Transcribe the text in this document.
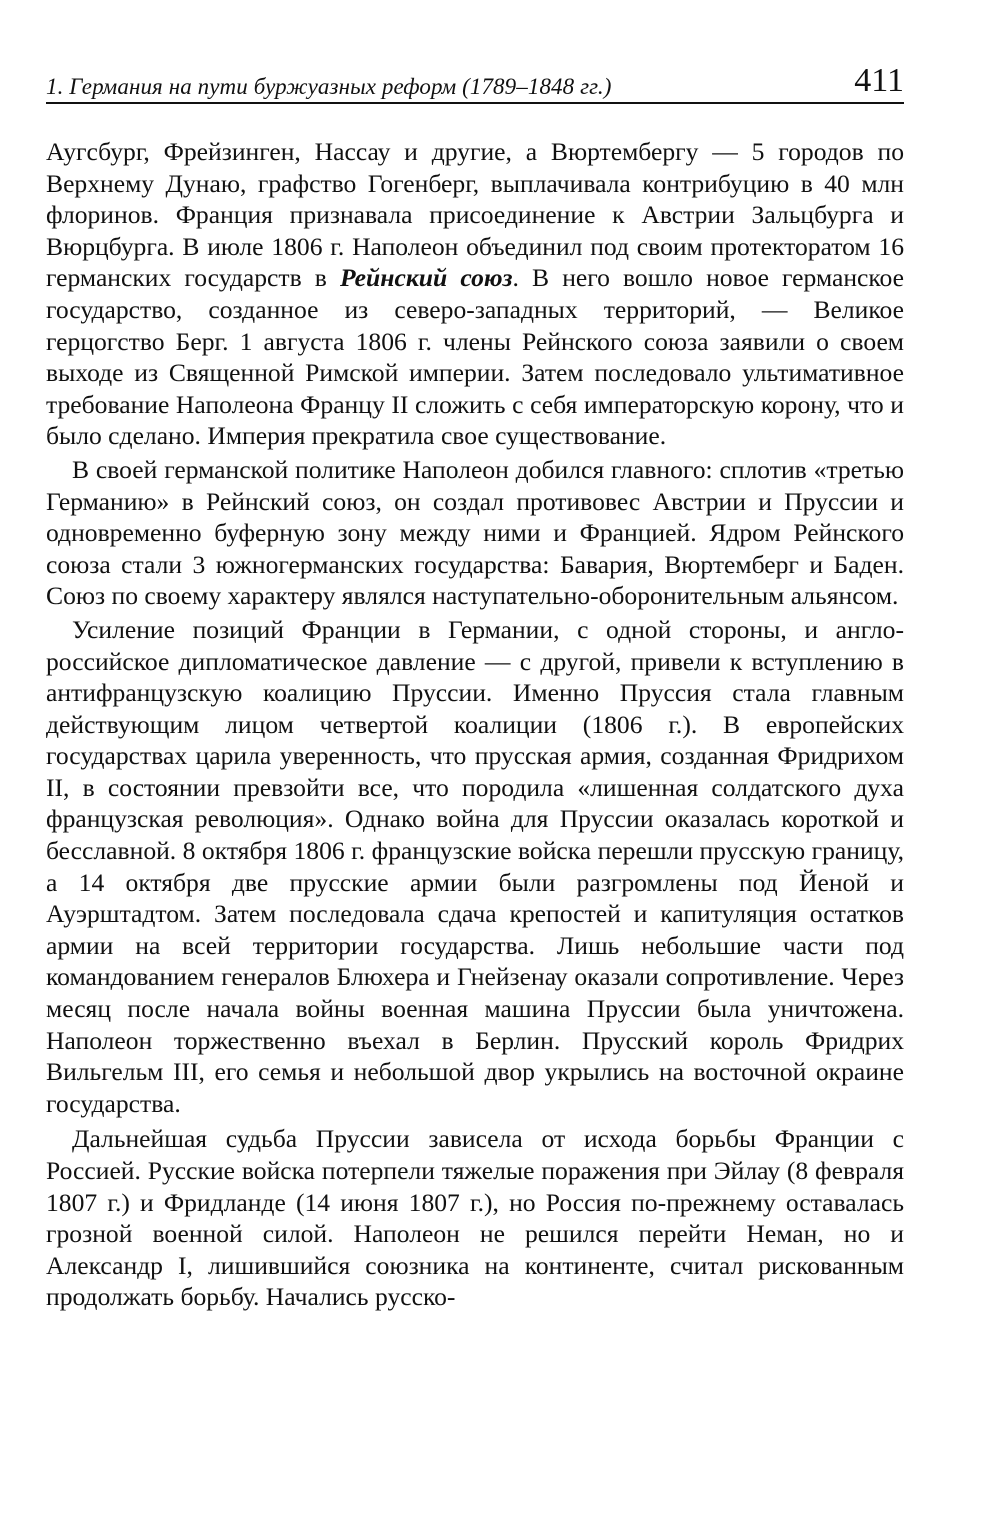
1. Германия на пути буржуазных реформ (1789–1848 гг.)	411

Аугсбург, Фрейзинген, Нассау и другие, а Вюртембергу — 5 городов по Верхнему Дунаю, графство Гогенберг, выплачивала контрибуцию в 40 млн флоринов. Франция признавала присоединение к Австрии Зальцбурга и Вюрцбурга. В июле 1806 г. Наполеон объединил под своим протекторатом 16 германских государств в Рейнский союз. В него вошло новое германское государство, созданное из северо-западных территорий, — Великое герцогство Берг. 1 августа 1806 г. члены Рейнского союза заявили о своем выходе из Священной Римской империи. Затем последовало ультимативное требование Наполеона Францу II сложить с себя императорскую корону, что и было сделано. Империя прекратила свое существование.

В своей германской политике Наполеон добился главного: сплотив «третью Германию» в Рейнский союз, он создал противовес Австрии и Пруссии и одновременно буферную зону между ними и Францией. Ядром Рейнского союза стали 3 южногерманских государства: Бавария, Вюртемберг и Баден. Союз по своему характеру являлся наступательно-оборонительным альянсом.

Усиление позиций Франции в Германии, с одной стороны, и англо-российское дипломатическое давление — с другой, привели к вступлению в антифранцузскую коалицию Пруссии. Именно Пруссия стала главным действующим лицом четвертой коалиции (1806 г.). В европейских государствах царила уверенность, что прусская армия, созданная Фридрихом II, в состоянии превзойти все, что породила «лишенная солдатского духа французская революция». Однако война для Пруссии оказалась короткой и бесславной. 8 октября 1806 г. французские войска перешли прусскую границу, а 14 октября две прусские армии были разгромлены под Йеной и Ауэрштадтом. Затем последовала сдача крепостей и капитуляция остатков армии на всей территории государства. Лишь небольшие части под командованием генералов Блюхера и Гнейзенау оказали сопротивление. Через месяц после начала войны военная машина Пруссии была уничтожена. Наполеон торжественно въехал в Берлин. Прусский король Фридрих Вильгельм III, его семья и небольшой двор укрылись на восточной окраине государства.

Дальнейшая судьба Пруссии зависела от исхода борьбы Франции с Россией. Русские войска потерпели тяжелые поражения при Эйлау (8 февраля 1807 г.) и Фридланде (14 июня 1807 г.), но Россия по-прежнему оставалась грозной военной силой. Наполеон не решился перейти Неман, но и Александр I, лишившийся союзника на континенте, считал рискованным продолжать борьбу. Начались русско-
